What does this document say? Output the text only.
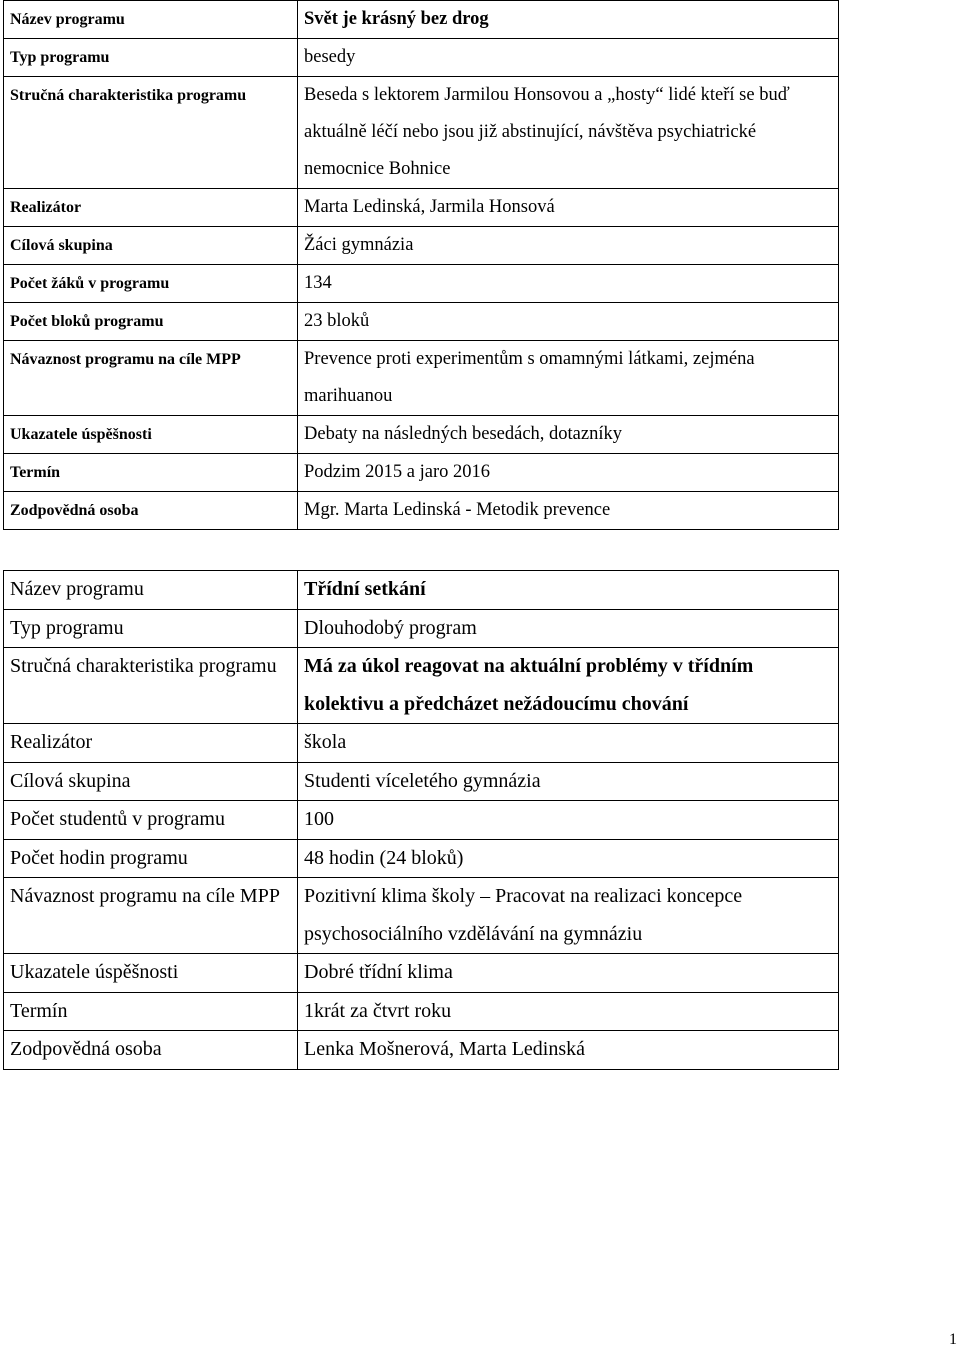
Název programu	Svět je krásný bez drog
Typ programu	besedy
Stručná charakteristika programu	Beseda s lektorem Jarmilou Honsovou a „hosty“ lidé kteří se buď aktuálně léčí nebo jsou již abstinující, návštěva psychiatrické nemocnice Bohnice
Realizátor	Marta Ledinská, Jarmila Honsová
Cílová skupina	Žáci gymnázia
Počet žáků v programu	134
Počet bloků programu	23 bloků
Návaznost programu na cíle MPP	Prevence proti experimentům s omamnými látkami, zejména marihuanou
Ukazatele úspěšnosti	Debaty na následných besedách, dotazníky
Termín	Podzim 2015 a jaro 2016
Zodpovědná osoba	Mgr. Marta Ledinská - Metodik prevence
Název programu	Třídní setkání
Typ programu	Dlouhodobý program
Stručná charakteristika programu	Má za úkol reagovat na aktuální problémy v třídním kolektivu a předcházet nežádoucímu chování
Realizátor	škola
Cílová skupina	Studenti víceletého gymnázia
Počet studentů v programu	100
Počet hodin programu	48 hodin (24 bloků)
Návaznost programu na cíle MPP	Pozitivní klima školy – Pracovat na realizaci koncepce psychosociálního vzdělávání na gymnáziu
Ukazatele úspěšnosti	Dobré třídní klima
Termín	1krát za čtvrt roku
Zodpovědná osoba	Lenka Mošnerová, Marta Ledinská
1
